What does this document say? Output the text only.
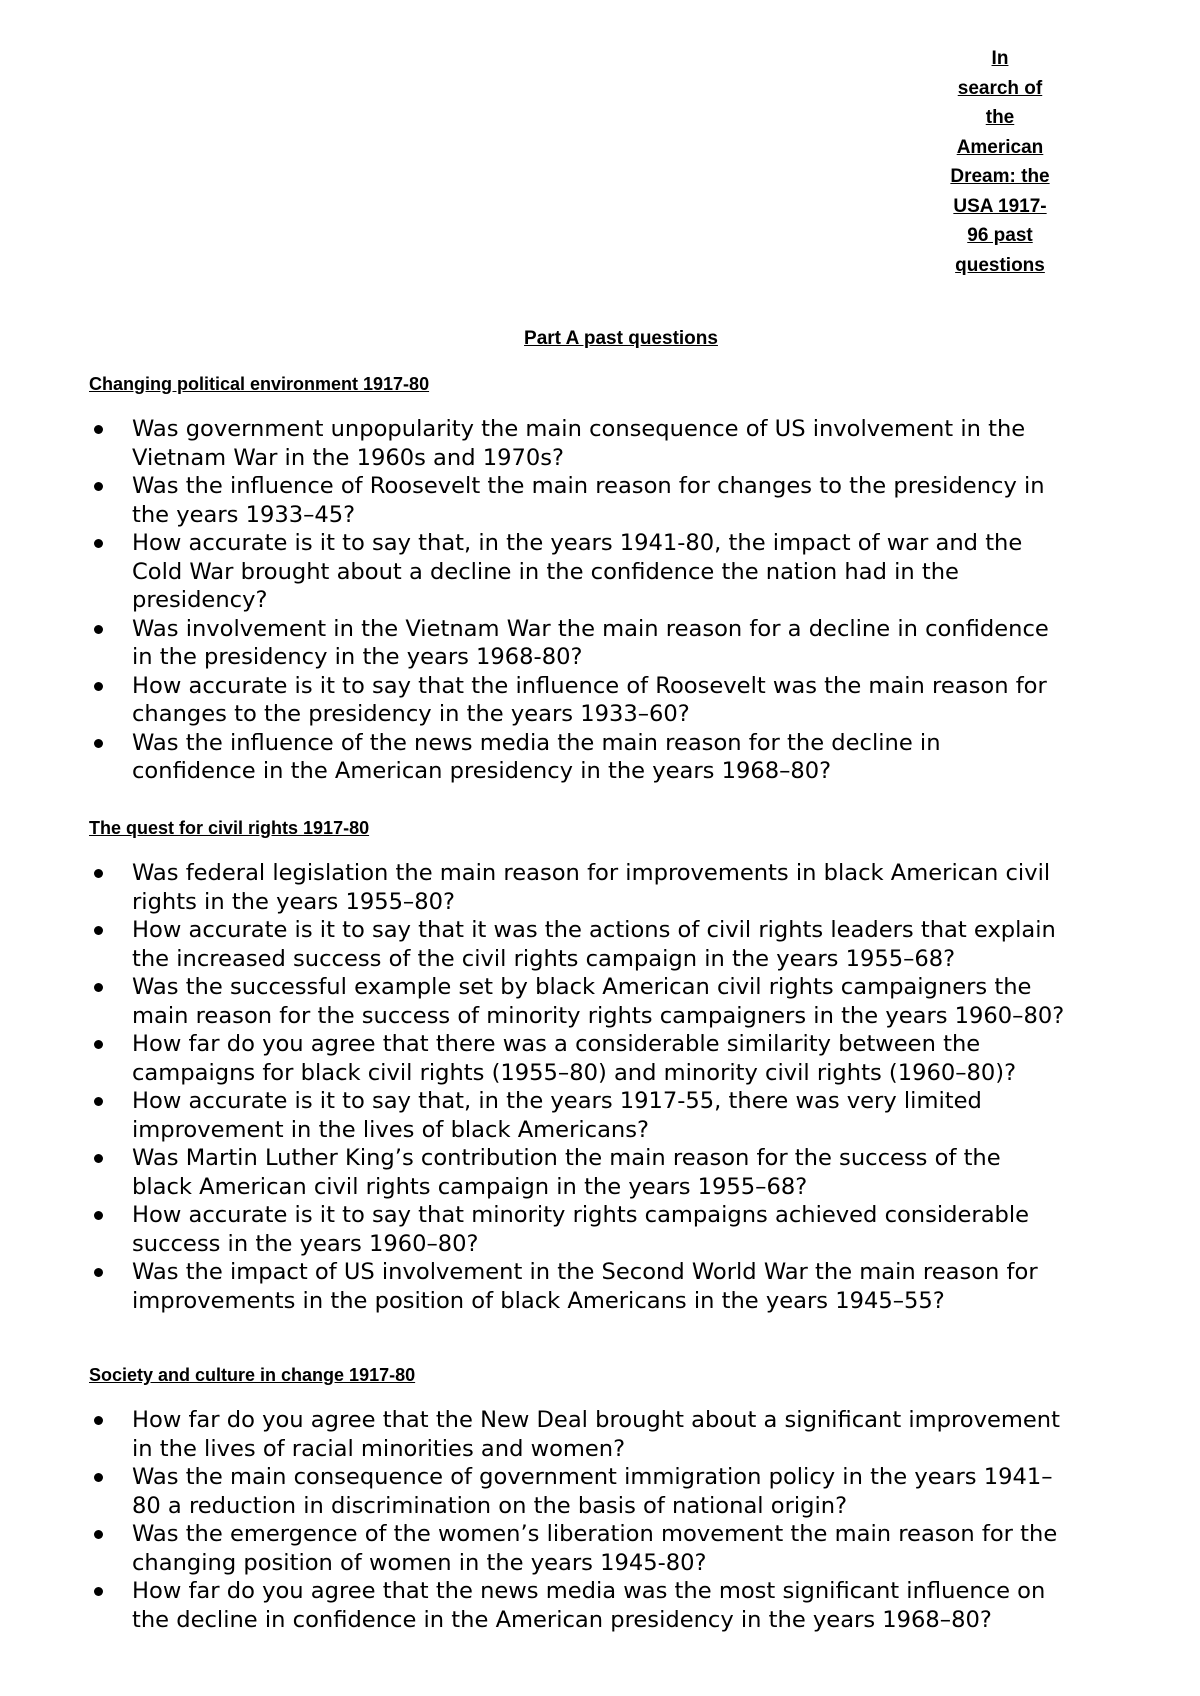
In
search of
the
American
Dream: the
USA 1917-
96 past
questions
Part A past questions
Changing political environment 1917-80
Was government unpopularity the main consequence of US involvement in the
Vietnam War in the 1960s and 1970s?
Was the influence of Roosevelt the main reason for changes to the presidency in
the years 1933–45?
How accurate is it to say that, in the years 1941-80, the impact of war and the
Cold War brought about a decline in the confidence the nation had in the
presidency?
Was involvement in the Vietnam War the main reason for a decline in confidence
in the presidency in the years 1968-80?
How accurate is it to say that the influence of Roosevelt was the main reason for
changes to the presidency in the years 1933–60?
Was the influence of the news media the main reason for the decline in
confidence in the American presidency in the years 1968–80?
The quest for civil rights 1917-80
Was federal legislation the main reason for improvements in black American civil
rights in the years 1955–80?
How accurate is it to say that it was the actions of civil rights leaders that explain
the increased success of the civil rights campaign in the years 1955–68?
Was the successful example set by black American civil rights campaigners the
main reason for the success of minority rights campaigners in the years 1960–80?
How far do you agree that there was a considerable similarity between the
campaigns for black civil rights (1955–80) and minority civil rights (1960–80)?
How accurate is it to say that, in the years 1917-55, there was very limited
improvement in the lives of black Americans?
Was Martin Luther King’s contribution the main reason for the success of the
black American civil rights campaign in the years 1955–68?
How accurate is it to say that minority rights campaigns achieved considerable
success in the years 1960–80?
Was the impact of US involvement in the Second World War the main reason for
improvements in the position of black Americans in the years 1945–55?
Society and culture in change 1917-80
How far do you agree that the New Deal brought about a significant improvement
in the lives of racial minorities and women?
Was the main consequence of government immigration policy in the years 1941–
80 a reduction in discrimination on the basis of national origin?
Was the emergence of the women’s liberation movement the main reason for the
changing position of women in the years 1945-80?
How far do you agree that the news media was the most significant influence on
the decline in confidence in the American presidency in the years 1968–80?
